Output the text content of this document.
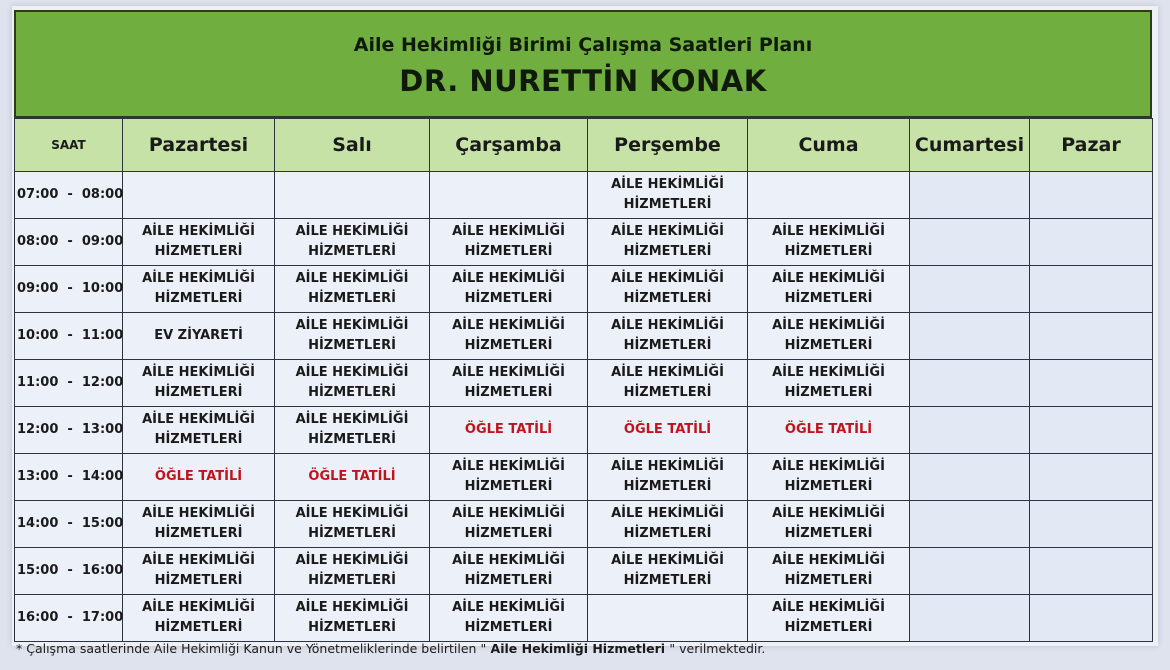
Aile Hekimliği Birimi Çalışma Saatleri Planı
DR. NURETTİN KONAK
SAAT	Pazartesi	Salı	Çarşamba	Perşembe	Cuma	Cumartesi	Pazar
07:00  -  08:00				AİLE HEKİMLİĞİ HİZMETLERİ			
08:00  -  09:00	AİLE HEKİMLİĞİ HİZMETLERİ	AİLE HEKİMLİĞİ HİZMETLERİ	AİLE HEKİMLİĞİ HİZMETLERİ	AİLE HEKİMLİĞİ HİZMETLERİ	AİLE HEKİMLİĞİ HİZMETLERİ		
09:00  -  10:00	AİLE HEKİMLİĞİ HİZMETLERİ	AİLE HEKİMLİĞİ HİZMETLERİ	AİLE HEKİMLİĞİ HİZMETLERİ	AİLE HEKİMLİĞİ HİZMETLERİ	AİLE HEKİMLİĞİ HİZMETLERİ		
10:00  -  11:00	EV ZİYARETİ	AİLE HEKİMLİĞİ HİZMETLERİ	AİLE HEKİMLİĞİ HİZMETLERİ	AİLE HEKİMLİĞİ HİZMETLERİ	AİLE HEKİMLİĞİ HİZMETLERİ		
11:00  -  12:00	AİLE HEKİMLİĞİ HİZMETLERİ	AİLE HEKİMLİĞİ HİZMETLERİ	AİLE HEKİMLİĞİ HİZMETLERİ	AİLE HEKİMLİĞİ HİZMETLERİ	AİLE HEKİMLİĞİ HİZMETLERİ		
12:00  -  13:00	AİLE HEKİMLİĞİ HİZMETLERİ	AİLE HEKİMLİĞİ HİZMETLERİ	ÖĞLE TATİLİ	ÖĞLE TATİLİ	ÖĞLE TATİLİ		
13:00  -  14:00	ÖĞLE TATİLİ	ÖĞLE TATİLİ	AİLE HEKİMLİĞİ HİZMETLERİ	AİLE HEKİMLİĞİ HİZMETLERİ	AİLE HEKİMLİĞİ HİZMETLERİ		
14:00  -  15:00	AİLE HEKİMLİĞİ HİZMETLERİ	AİLE HEKİMLİĞİ HİZMETLERİ	AİLE HEKİMLİĞİ HİZMETLERİ	AİLE HEKİMLİĞİ HİZMETLERİ	AİLE HEKİMLİĞİ HİZMETLERİ		
15:00  -  16:00	AİLE HEKİMLİĞİ HİZMETLERİ	AİLE HEKİMLİĞİ HİZMETLERİ	AİLE HEKİMLİĞİ HİZMETLERİ	AİLE HEKİMLİĞİ HİZMETLERİ	AİLE HEKİMLİĞİ HİZMETLERİ		
16:00  -  17:00	AİLE HEKİMLİĞİ HİZMETLERİ	AİLE HEKİMLİĞİ HİZMETLERİ	AİLE HEKİMLİĞİ HİZMETLERİ		AİLE HEKİMLİĞİ HİZMETLERİ		
* Çalışma saatlerinde Aile Hekimliği Kanun ve Yönetmeliklerinde belirtilen " Aile Hekimliği Hizmetleri " verilmektedir.
